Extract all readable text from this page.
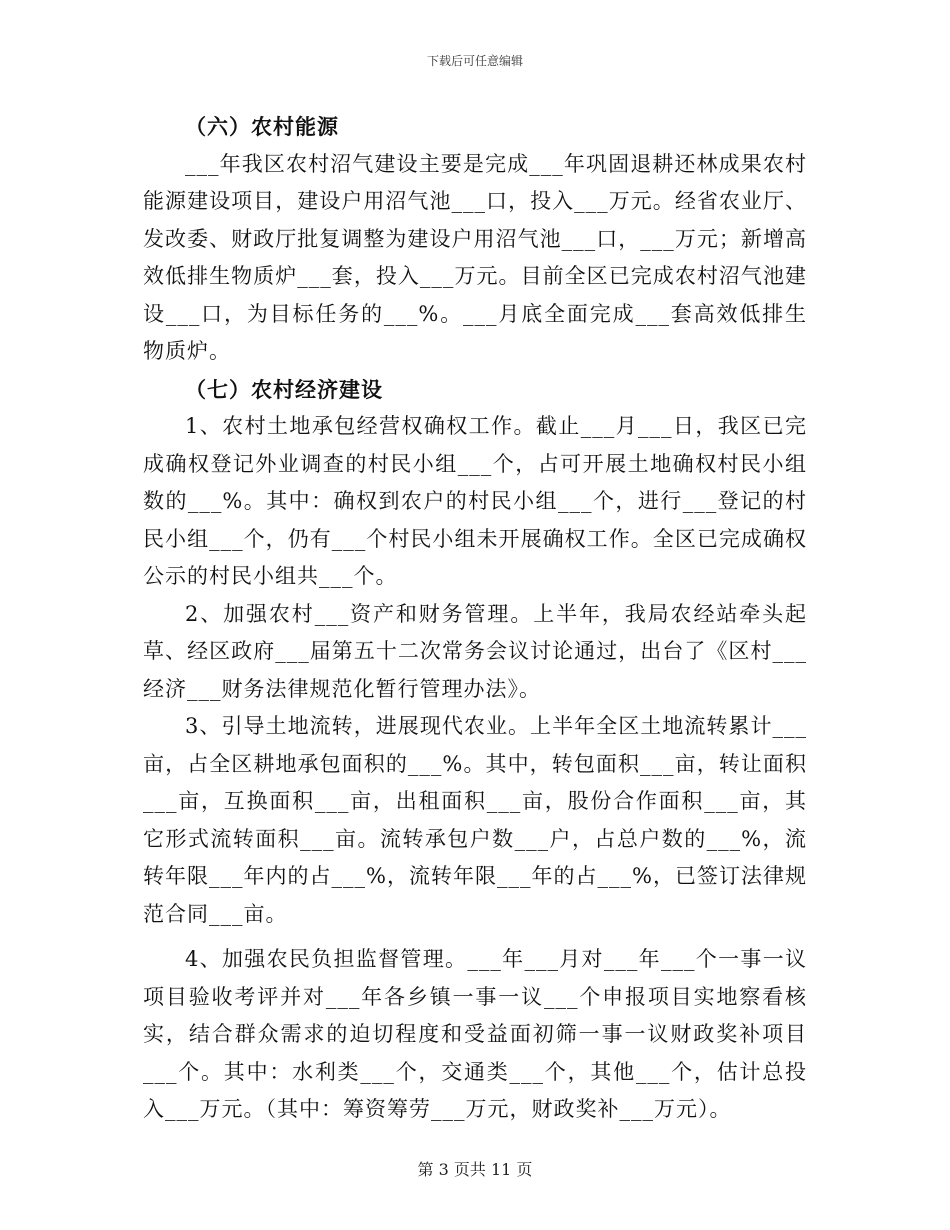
下载后可任意编辑
（六）农村能源

___年我区农村沼气建设主要是完成___年巩固退耕还林成果农村能源建设项目，建设户用沼气池___口，投入___万元。经省农业厅、发改委、财政厅批复调整为建设户用沼气池___口，___万元；新增高效低排生物质炉___套，投入___万元。目前全区已完成农村沼气池建设___口，为目标任务的___%。___月底全面完成___套高效低排生物质炉。

（七）农村经济建设

1、农村土地承包经营权确权工作。截止___月___日，我区已完成确权登记外业调查的村民小组___个，占可开展土地确权村民小组数的___%。其中：确权到农户的村民小组___个，进行___登记的村民小组___个，仍有___个村民小组未开展确权工作。全区已完成确权公示的村民小组共___个。

2、加强农村___资产和财务管理。上半年，我局农经站牵头起草、经区政府___届第五十二次常务会议讨论通过，出台了《区村___经济___财务法律规范化暂行管理办法》。

3、引导土地流转，进展现代农业。上半年全区土地流转累计___亩，占全区耕地承包面积的___%。其中，转包面积___亩，转让面积___亩，互换面积___亩，出租面积___亩，股份合作面积___亩，其它形式流转面积___亩。流转承包户数___户，占总户数的___%，流转年限___年内的占___%，流转年限___年的占___%，已签订法律规范合同___亩。

4、加强农民负担监督管理。___年___月对___年___个一事一议项目验收考评并对___年各乡镇一事一议___个申报项目实地察看核实，结合群众需求的迫切程度和受益面初筛一事一议财政奖补项目___个。其中：水利类___个，交通类___个，其他___个，估计总投入___万元。（其中：筹资筹劳___万元，财政奖补___万元）。

第 3 页共 11 页
